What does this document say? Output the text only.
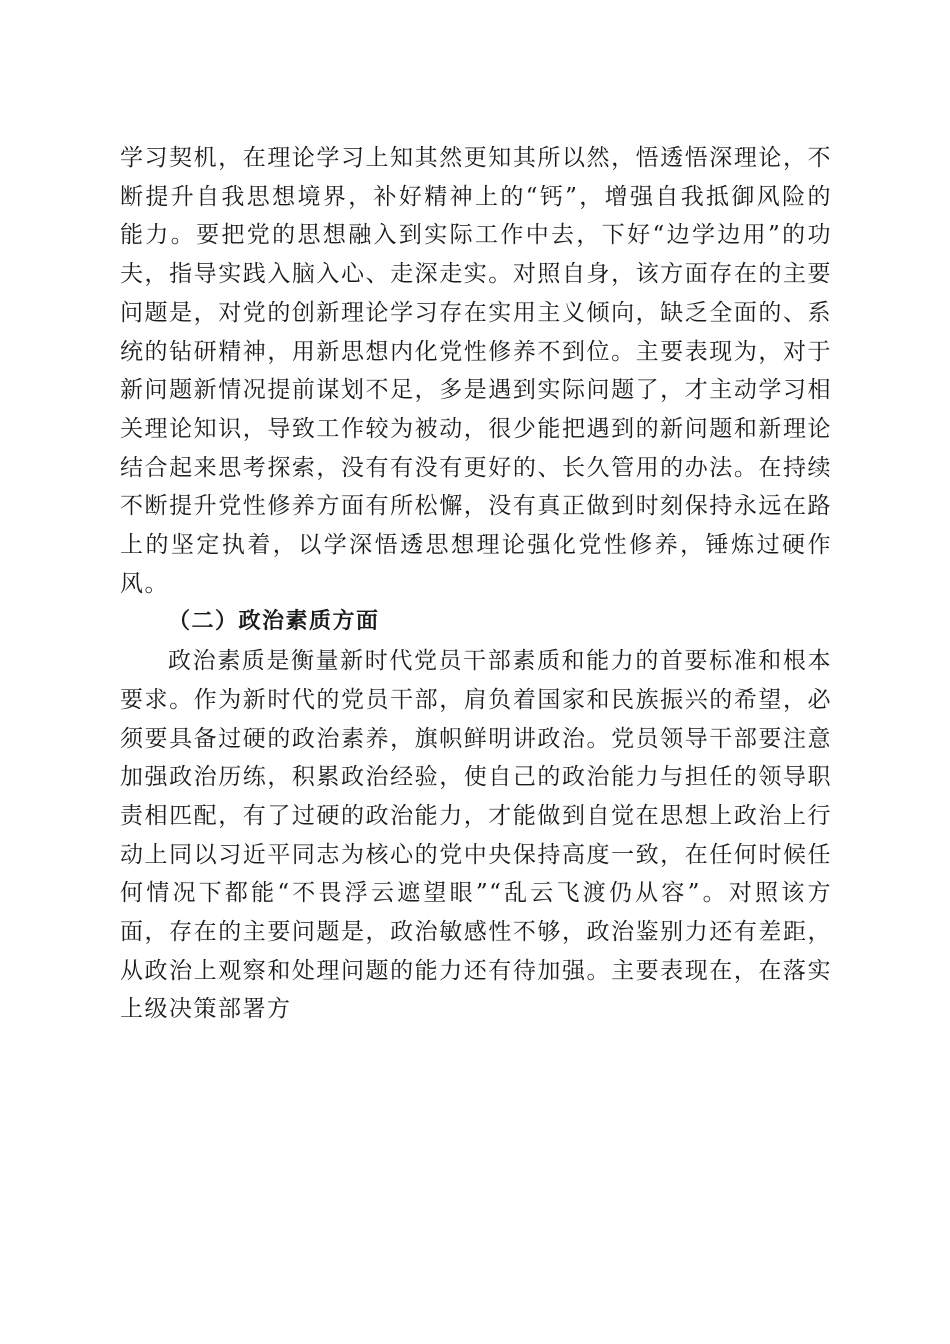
学习契机，在理论学习上知其然更知其所以然，悟透悟深理论，不断提升自我思想境界，补好精神上的“钙”，增强自我抵御风险的能力。要把党的思想融入到实际工作中去，下好“边学边用”的功夫，指导实践入脑入心、走深走实。对照自身，该方面存在的主要问题是，对党的创新理论学习存在实用主义倾向，缺乏全面的、系统的钻研精神，用新思想内化党性修养不到位。主要表现为，对于新问题新情况提前谋划不足，多是遇到实际问题了，才主动学习相关理论知识，导致工作较为被动，很少能把遇到的新问题和新理论结合起来思考探索，没有有没有更好的、长久管用的办法。在持续不断提升党性修养方面有所松懈，没有真正做到时刻保持永远在路上的坚定执着，以学深悟透思想理论强化党性修养，锤炼过硬作风。

（二）政治素质方面

政治素质是衡量新时代党员干部素质和能力的首要标准和根本要求。作为新时代的党员干部，肩负着国家和民族振兴的希望，必须要具备过硬的政治素养，旗帜鲜明讲政治。党员领导干部要注意加强政治历练，积累政治经验，使自己的政治能力与担任的领导职责相匹配，有了过硬的政治能力，才能做到自觉在思想上政治上行动上同以习近平同志为核心的党中央保持高度一致，在任何时候任何情况下都能“不畏浮云遮望眼”“乱云飞渡仍从容”。对照该方面，存在的主要问题是，政治敏感性不够，政治鉴别力还有差距，从政治上观察和处理问题的能力还有待加强。主要表现在，在落实上级决策部署方
